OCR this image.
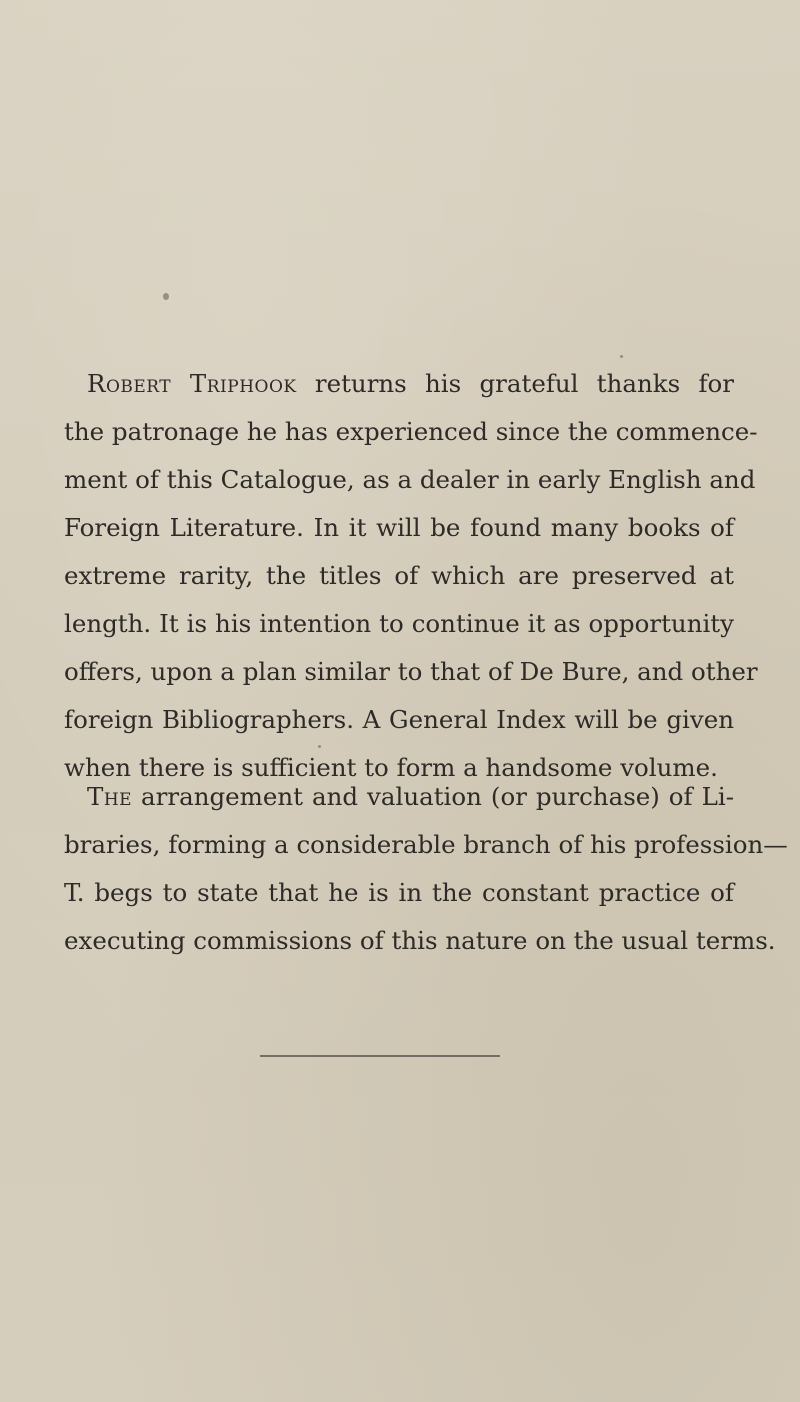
Robert Triphook returns his grateful thanks for
the patronage he has experienced since the commence-
ment of this Catalogue, as a dealer in early English and
Foreign Literature. In it will be found many books of
extreme rarity, the titles of which are preserved at
length. It is his intention to continue it as opportunity
offers, upon a plan similar to that of De Bure, and other
foreign Bibliographers. A General Index will be given
when there is sufficient to form a handsome volume.
The arrangement and valuation (or purchase) of Li-
braries, forming a considerable branch of his profession—
T. begs to state that he is in the constant practice of
executing commissions of this nature on the usual terms.
